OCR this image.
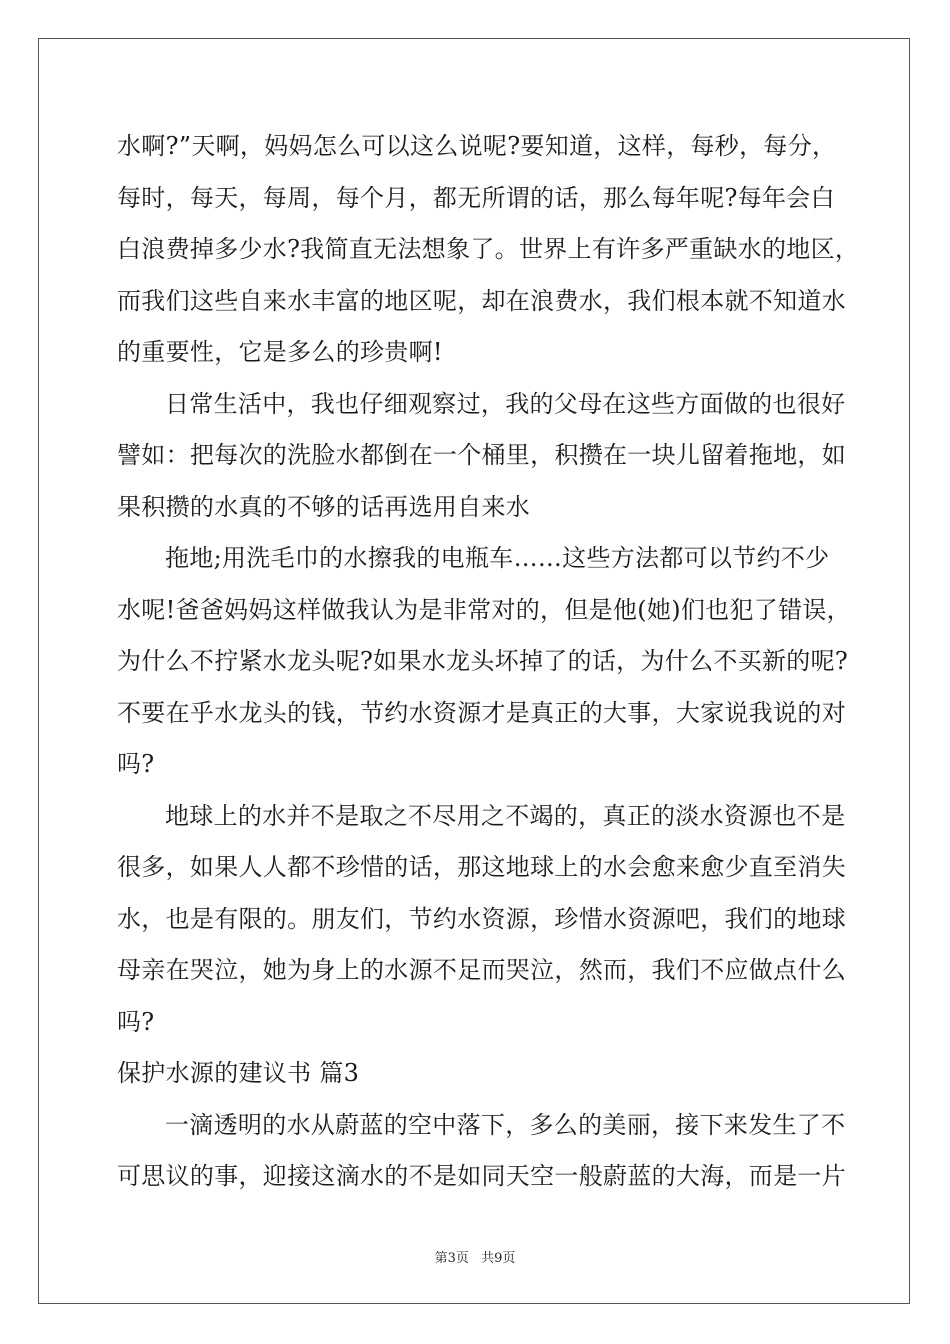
水啊?”天啊，妈妈怎么可以这么说呢?要知道，这样，每秒，每分，
每时，每天，每周，每个月，都无所谓的话，那么每年呢?每年会白
白浪费掉多少水?我简直无法想象了。世界上有许多严重缺水的地区，
而我们这些自来水丰富的地区呢，却在浪费水，我们根本就不知道水
的重要性，它是多么的珍贵啊!
日常生活中，我也仔细观察过，我的父母在这些方面做的也很好
譬如：把每次的洗脸水都倒在一个桶里，积攒在一块儿留着拖地，如
果积攒的水真的不够的话再选用自来水
拖地;用洗毛巾的水擦我的电瓶车……这些方法都可以节约不少
水呢!爸爸妈妈这样做我认为是非常对的，但是他(她)们也犯了错误，
为什么不拧紧水龙头呢?如果水龙头坏掉了的话，为什么不买新的呢?
不要在乎水龙头的钱，节约水资源才是真正的大事，大家说我说的对
吗?
地球上的水并不是取之不尽用之不竭的，真正的淡水资源也不是
很多，如果人人都不珍惜的话，那这地球上的水会愈来愈少直至消失
水，也是有限的。朋友们，节约水资源，珍惜水资源吧，我们的地球
母亲在哭泣，她为身上的水源不足而哭泣，然而，我们不应做点什么
吗?
保护水源的建议书 篇3
一滴透明的水从蔚蓝的空中落下，多么的美丽，接下来发生了不
可思议的事，迎接这滴水的不是如同天空一般蔚蓝的大海，而是一片
第3页 共9页
